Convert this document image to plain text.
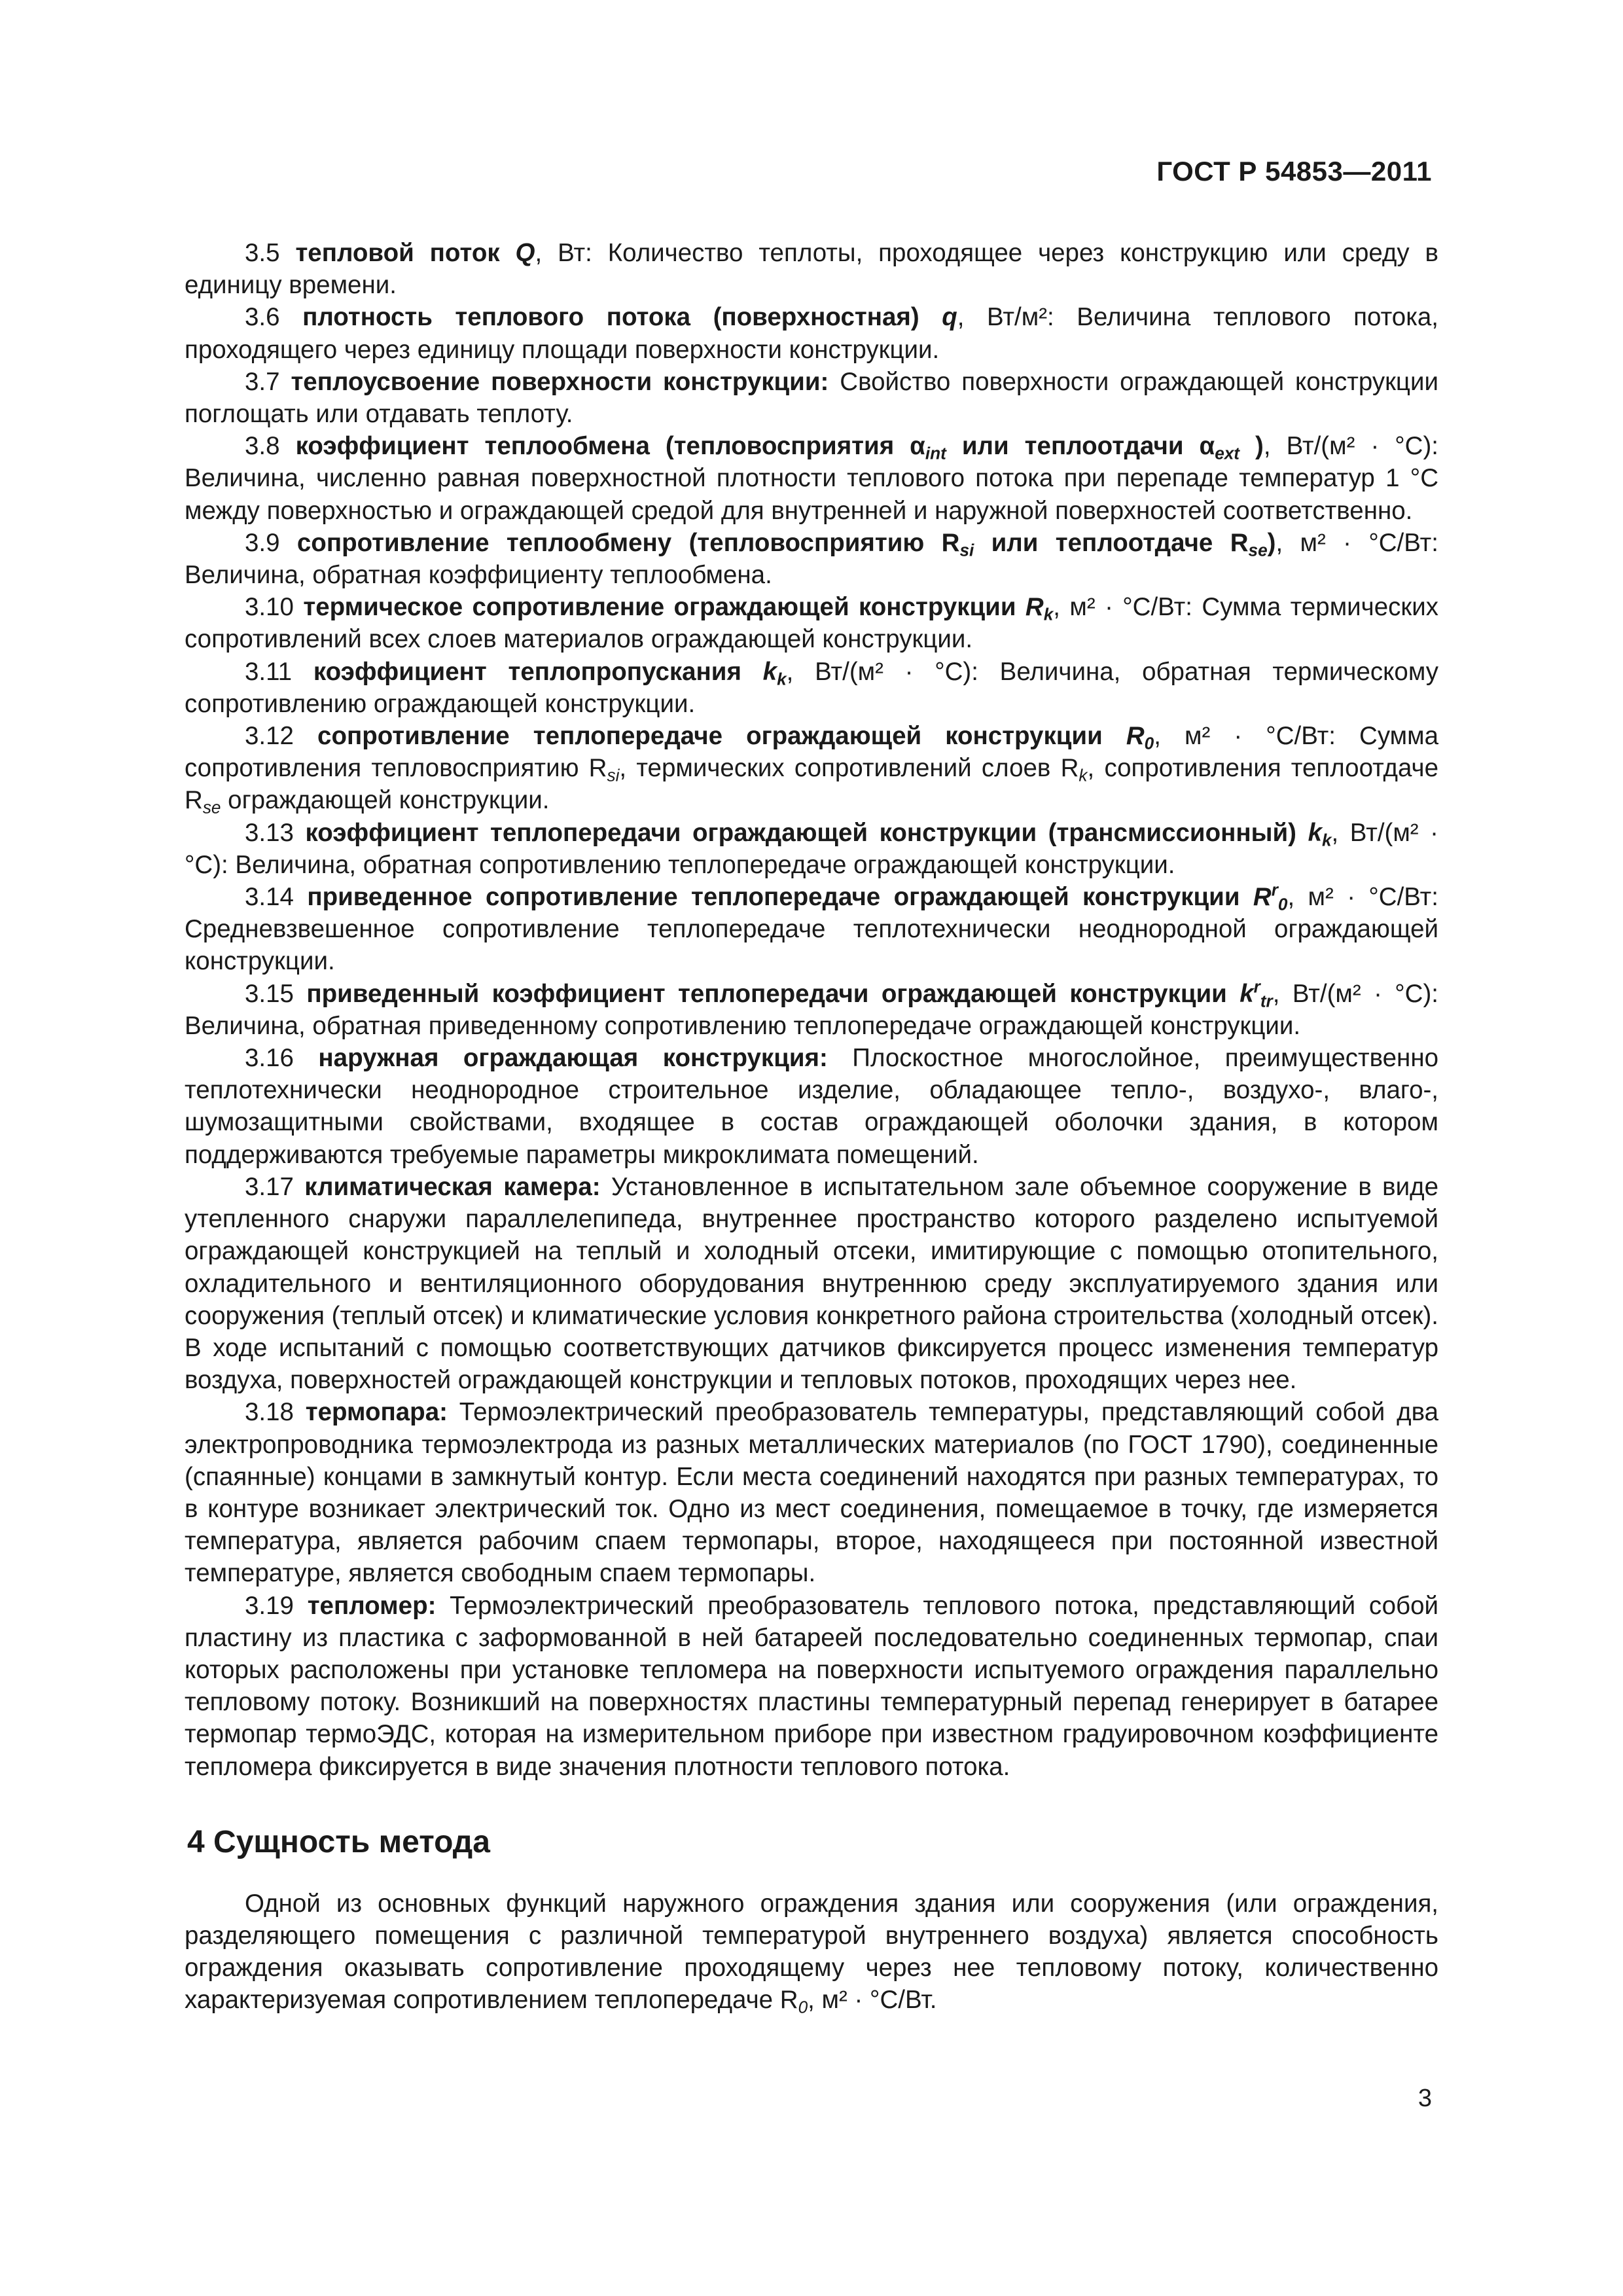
ГОСТ Р 54853—2011

3.5 тепловой поток Q, Вт: Количество теплоты, проходящее через конструкцию или среду в единицу времени.

3.6 плотность теплового потока (поверхностная) q, Вт/м²: Величина теплового потока, проходящего через единицу площади поверхности конструкции.

3.7 теплоусвоение поверхности конструкции: Свойство поверхности ограждающей конструкции поглощать или отдавать теплоту.

3.8 коэффициент теплообмена (тепловосприятия $\alpha_{int}$ или теплоотдачи $\alpha_{ext}$ ), Вт/(м² · °С): Величина, численно равная поверхностной плотности теплового потока при перепаде температур 1 °С между поверхностью и ограждающей средой для внутренней и наружной поверхностей соответственно.

3.9 сопротивление теплообмену (тепловосприятию $R_{si}$ или теплоотдаче $R_{se}$), м² · °С/Вт: Величина, обратная коэффициенту теплообмена.

3.10 термическое сопротивление ограждающей конструкции $R_k$, м² · °С/Вт: Сумма термических сопротивлений всех слоев материалов ограждающей конструкции.

3.11 коэффициент теплопропускания $k_k$, Вт/(м² · °С): Величина, обратная термическому сопротивлению ограждающей конструкции.

3.12 сопротивление теплопередаче ограждающей конструкции $R_0$, м² · °С/Вт: Сумма сопротивления тепловосприятию $R_{si}$, термических сопротивлений слоев $R_k$, сопротивления теплоотдаче $R_{se}$ ограждающей конструкции.

3.13 коэффициент теплопередачи ограждающей конструкции (трансмиссионный) $k_k$, Вт/(м² · °С): Величина, обратная сопротивлению теплопередаче ограждающей конструкции.

3.14 приведенное сопротивление теплопередаче ограждающей конструкции $R^r_0$, м² · °С/Вт: Средневзвешенное сопротивление теплопередаче теплотехнически неоднородной ограждающей конструкции.

3.15 приведенный коэффициент теплопередачи ограждающей конструкции $k^r_{tr}$, Вт/(м² · °С): Величина, обратная приведенному сопротивлению теплопередаче ограждающей конструкции.

3.16 наружная ограждающая конструкция: Плоскостное многослойное, преимущественно теплотехнически неоднородное строительное изделие, обладающее тепло-, воздухо-, влаго-, шумозащитными свойствами, входящее в состав ограждающей оболочки здания, в котором поддерживаются требуемые параметры микроклимата помещений.

3.17 климатическая камера: Установленное в испытательном зале объемное сооружение в виде утепленного снаружи параллелепипеда, внутреннее пространство которого разделено испытуемой ограждающей конструкцией на теплый и холодный отсеки, имитирующие с помощью отопительного, охладительного и вентиляционного оборудования внутреннюю среду эксплуатируемого здания или сооружения (теплый отсек) и климатические условия конкретного района строительства (холодный отсек). В ходе испытаний с помощью соответствующих датчиков фиксируется процесс изменения температур воздуха, поверхностей ограждающей конструкции и тепловых потоков, проходящих через нее.

3.18 термопара: Термоэлектрический преобразователь температуры, представляющий собой два электропроводника термоэлектрода из разных металлических материалов (по ГОСТ 1790), соединенные (спаянные) концами в замкнутый контур. Если места соединений находятся при разных температурах, то в контуре возникает электрический ток. Одно из мест соединения, помещаемое в точку, где измеряется температура, является рабочим спаем термопары, второе, находящееся при постоянной известной температуре, является свободным спаем термопары.

3.19 тепломер: Термоэлектрический преобразователь теплового потока, представляющий собой пластину из пластика с заформованной в ней батареей последовательно соединенных термопар, спаи которых расположены при установке тепломера на поверхности испытуемого ограждения параллельно тепловому потоку. Возникший на поверхностях пластины температурный перепад генерирует в батарее термопар термоЭДС, которая на измерительном приборе при известном градуировочном коэффициенте тепломера фиксируется в виде значения плотности теплового потока.

4 Сущность метода

Одной из основных функций наружного ограждения здания или сооружения (или ограждения, разделяющего помещения с различной температурой внутреннего воздуха) является способность ограждения оказывать сопротивление проходящему через нее тепловому потоку, количественно характеризуемая сопротивлением теплопередаче $R_0$, м² · °С/Вт.

3
